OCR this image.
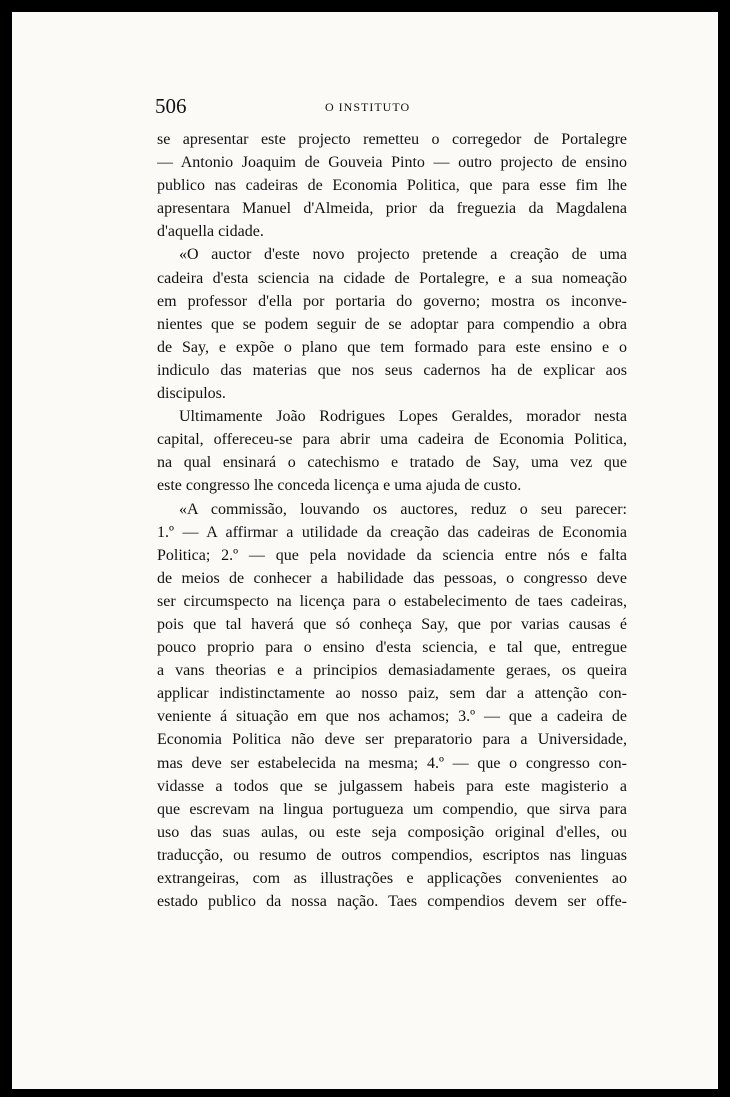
506	O INSTITUTO
se apresentar este projecto remetteu o corregedor de Portalegre
— Antonio Joaquim de Gouveia Pinto — outro projecto de ensino
publico nas cadeiras de Economia Politica, que para esse fim lhe
apresentara Manuel d'Almeida, prior da freguezia da Magdalena
d'aquella cidade.
«O auctor d'este novo projecto pretende a creação de uma
cadeira d'esta sciencia na cidade de Portalegre, e a sua nomeação
em professor d'ella por portaria do governo; mostra os inconve-
nientes que se podem seguir de se adoptar para compendio a obra
de Say, e expõe o plano que tem formado para este ensino e o
indiculo das materias que nos seus cadernos ha de explicar aos
discipulos.
Ultimamente João Rodrigues Lopes Geraldes, morador nesta
capital, offereceu-se para abrir uma cadeira de Economia Politica,
na qual ensinará o catechismo e tratado de Say, uma vez que
este congresso lhe conceda licença e uma ajuda de custo.
«A commissão, louvando os auctores, reduz o seu parecer:
1.º — A affirmar a utilidade da creação das cadeiras de Economia
Politica; 2.º — que pela novidade da sciencia entre nós e falta
de meios de conhecer a habilidade das pessoas, o congresso deve
ser circumspecto na licença para o estabelecimento de taes cadeiras,
pois que tal haverá que só conheça Say, que por varias causas é
pouco proprio para o ensino d'esta sciencia, e tal que, entregue
a vans theorias e a principios demasiadamente geraes, os queira
applicar indistinctamente ao nosso paiz, sem dar a attenção con-
veniente á situação em que nos achamos; 3.º — que a cadeira de
Economia Politica não deve ser preparatorio para a Universidade,
mas deve ser estabelecida na mesma; 4.º — que o congresso con-
vidasse a todos que se julgassem habeis para este magisterio a
que escrevam na lingua portugueza um compendio, que sirva para
uso das suas aulas, ou este seja composição original d'elles, ou
traducção, ou resumo de outros compendios, escriptos nas linguas
extrangeiras, com as illustrações e applicações convenientes ao
estado publico da nossa nação. Taes compendios devem ser offe-
